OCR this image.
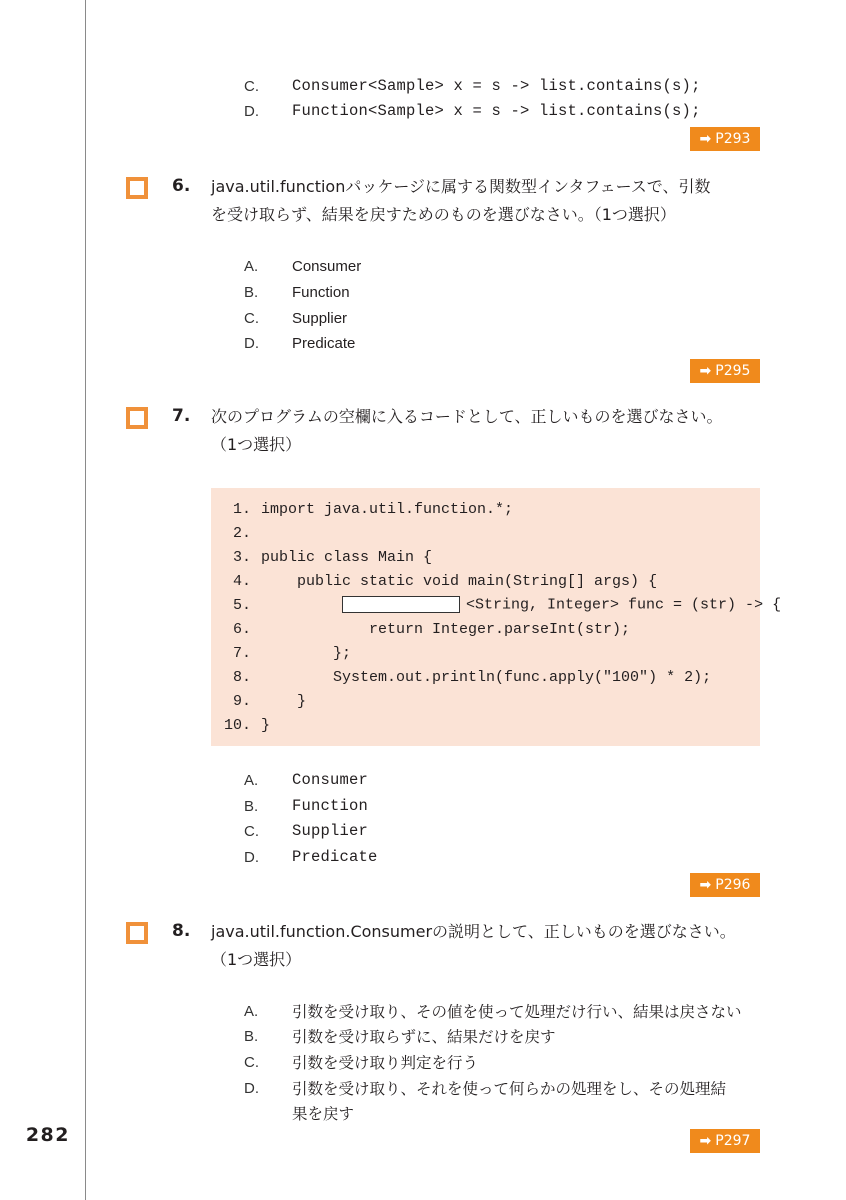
282
C.	Consumer<Sample> x = s -> list.contains(s);
D.	Function<Sample> x = s -> list.contains(s);
➡ P293
6. java.util.functionパッケージに属する関数型インタフェースで、引数
を受け取らず、結果を戻すためのものを選びなさい。（1つ選択）
A.	Consumer
B.	Function
C.	Supplier
D.	Predicate
➡ P295
7. 次のプログラムの空欄に入るコードとして、正しいものを選びなさい。
（1つ選択）
1. import java.util.function.*;
2.
3. public class Main {
4. public static void main(String[] args) {
5.	<String, Integer> func = (str) -> {
6. return Integer.parseInt(str);
7. };
8. System.out.println(func.apply("100") * 2);
9. }
10. }
A.	Consumer
B.	Function
C.	Supplier
D.	Predicate
➡ P296
8. java.util.function.Consumerの説明として、正しいものを選びなさい。
（1つ選択）
A.	引数を受け取り、その値を使って処理だけ行い、結果は戻さない
B.	引数を受け取らずに、結果だけを戻す
C.	引数を受け取り判定を行う
D.	引数を受け取り、それを使って何らかの処理をし、その処理結
果を戻す
➡ P297
